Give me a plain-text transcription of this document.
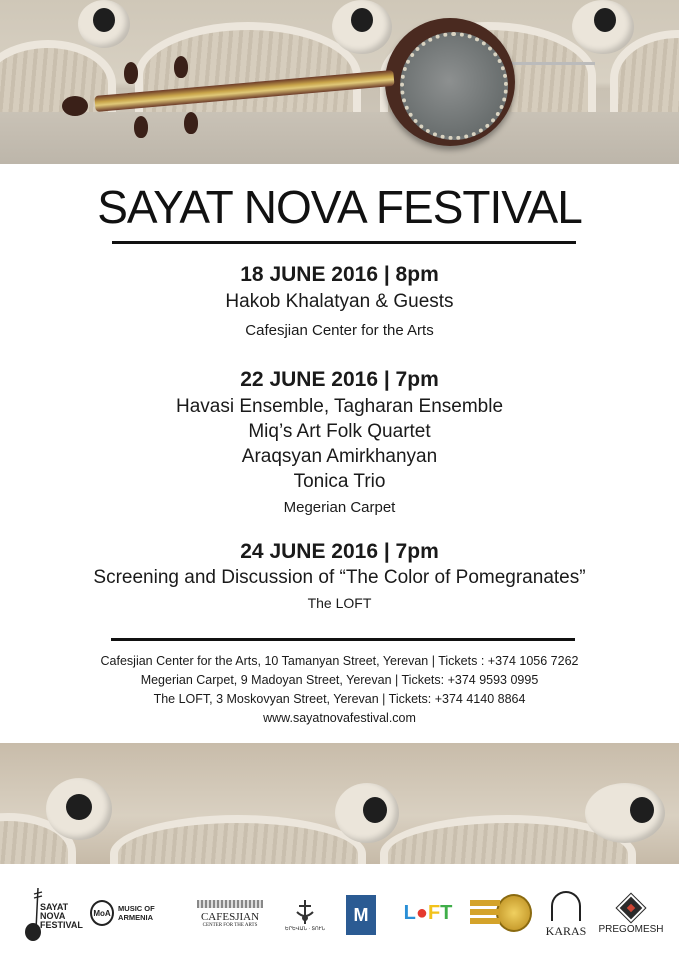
SAYAT NOVA FESTIVAL
18 JUNE 2016 | 8pm
Hakob Khalatyan & Guests
Cafesjian Center for the Arts
22 JUNE 2016 | 7pm
Havasi Ensemble, Tagharan Ensemble
Miq’s Art Folk Quartet
Araqsyan Amirkhanyan
Tonica Trio
Megerian Carpet
24 JUNE 2016 | 7pm
Screening and Discussion of “The Color of Pomegranates”
The LOFT
Cafesjian Center for the Arts, 10 Tamanyan Street, Yerevan | Tickets : +374 1056 7262
Megerian Carpet, 9 Madoyan Street, Yerevan | Tickets: +374 9593 0995
The LOFT, 3 Moskovyan Street, Yerevan | Tickets: +374 4140 8864
www.sayatnovafestival.com
SAYAT NOVA FESTIVAL
MoA MUSIC OF ARMENIA	CAFESJIAN
CENTER FOR THE ARTS
ԵՐԵՎԱՆ · ՏՈՒՆ
M	L ● F T
KARAS PREGOMESH
